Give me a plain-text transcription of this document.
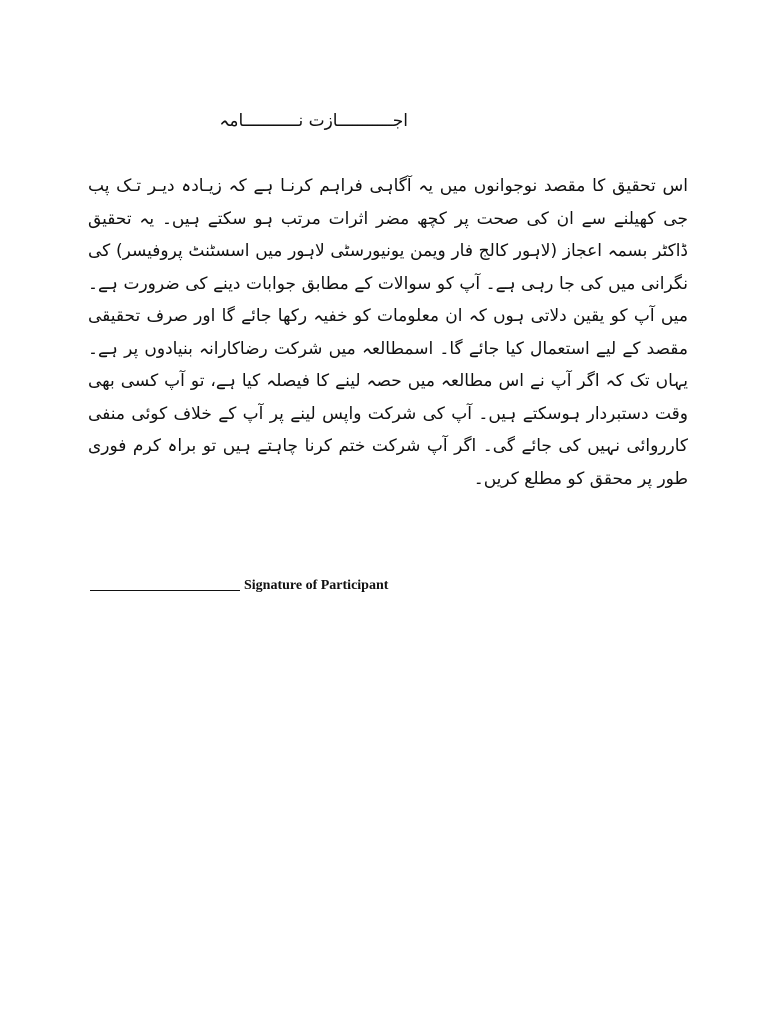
اجـــــــــــازت نـــــــــــامہ
اس تحقیق کا مقصد نوجوانوں میں یہ آگاہی فراہم کرنـا ہے کہ زیـادہ دیـر تـک پب جی کھیلنے سے ان کی صحت پر کچھ مضر اثرات مرتب ہو سکتے ہیں۔ یہ تحقیق ڈاکٹر بسمہ اعجاز (لاہور کالج فار ویمن یونیورسٹی لاہور میں اسسٹنٹ پروفیسر) کی نگرانی میں کی جا رہی ہے۔ آپ کو سوالات کے مطابق جوابات دینے کی ضرورت ہے۔ میں آپ کو یقین دلاتی ہوں کہ ان معلومات کو خفیہ رکھا جائے گا اور صرف تحقیقی مقصد کے لیے استعمال کیا جائے گا۔ اسمطالعہ میں شرکت رضاکارانہ بنیادوں پر ہے۔ یہاں تک کہ اگر آپ نے اس مطالعہ میں حصہ لینے کا فیصلہ کیا ہے، تو آپ کسی بھی وقت دستبردار ہوسکتے ہیں۔ آپ کی شرکت واپس لینے پر آپ کے خلاف کوئی منفی کارروائی نہیں کی جائے گی۔ اگر آپ شرکت ختم کرنا چاہتے ہیں تو براہ کرم فوری طور پر محقق کو مطلع کریں۔
Signature of Participant
